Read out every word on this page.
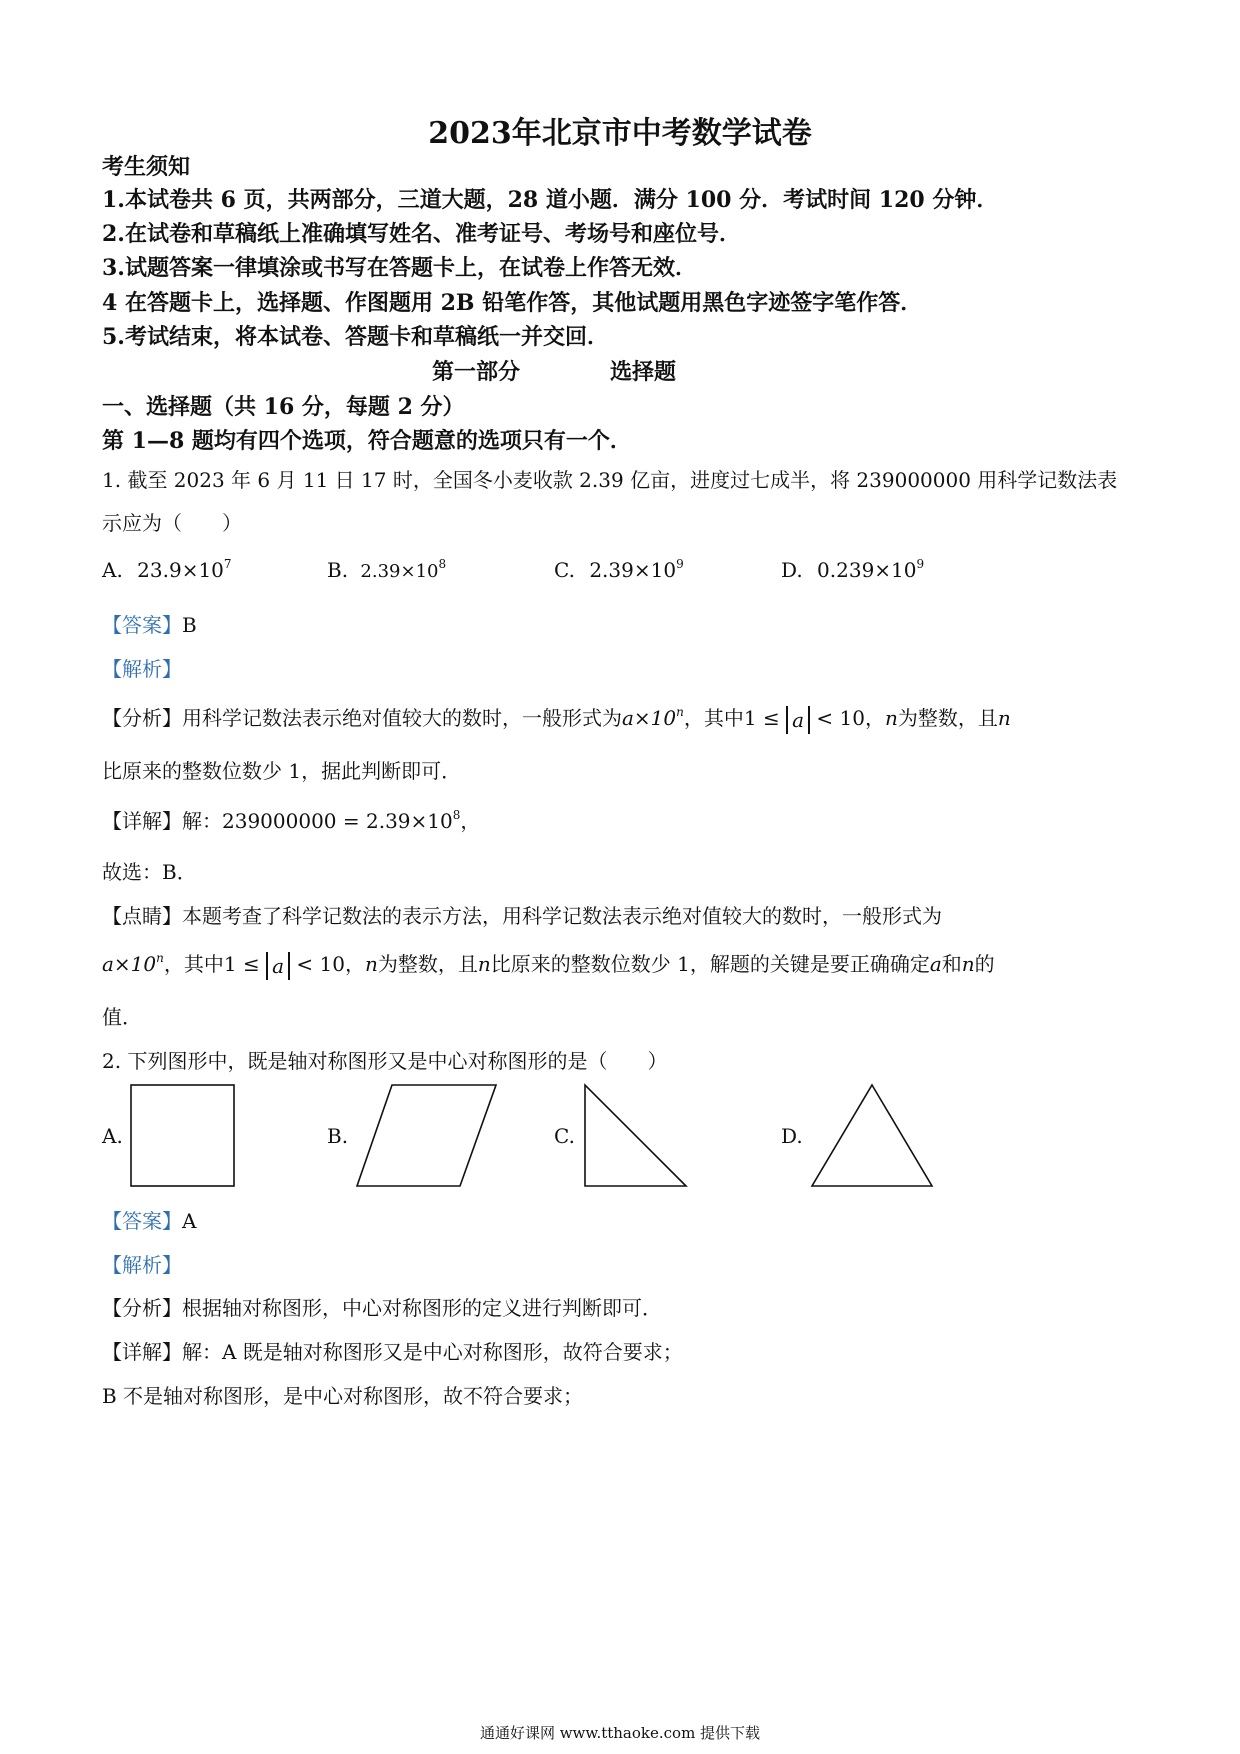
2023年北京市中考数学试卷
考生须知
1.本试卷共 6 页，共两部分，三道大题，28 道小题．满分 100 分．考试时间 120 分钟．
2.在试卷和草稿纸上准确填写姓名、准考证号、考场号和座位号．
3.试题答案一律填涂或书写在答题卡上，在试卷上作答无效．
4 在答题卡上，选择题、作图题用 2B 铅笔作答，其他试题用黑色字迹签字笔作答．
5.考试结束，将本试卷、答题卡和草稿纸一并交回．
第一部分	选择题
一、选择题（共 16 分，每题 2 分）
第 1—8 题均有四个选项，符合题意的选项只有一个．
1. 截至 2023 年 6 月 11 日 17 时，全国冬小麦收款 2.39 亿亩，进度过七成半，将 239000000 用科学记数法表
示应为（　　）
A. $23.9\times 10^7$	B. $2.39\times 10^8$	C. $2.39\times 10^9$	D. $0.239\times 10^9$
【答案】B
【解析】
【分析】用科学记数法表示绝对值较大的数时，一般形式为$a\times 10^n$，其中1 ≤ a < 10，n为整数，且n
比原来的整数位数少 1，据此判断即可．
【详解】解：$239000000 = 2.39\times 10^8$，
故选：B．
【点睛】本题考查了科学记数法的表示方法，用科学记数法表示绝对值较大的数时，一般形式为
$a\times 10^n$，其中1 ≤ a < 10，n为整数，且n比原来的整数位数少 1，解题的关键是要正确确定a和n的
值．
2. 下列图形中，既是轴对称图形又是中心对称图形的是（　　）
A.	B.	C.	D.
【答案】A
【解析】
【分析】根据轴对称图形，中心对称图形的定义进行判断即可．
【详解】解：A 既是轴对称图形又是中心对称图形，故符合要求；
B 不是轴对称图形，是中心对称图形，故不符合要求；
通通好课网 www.tthaoke.com 提供下载
